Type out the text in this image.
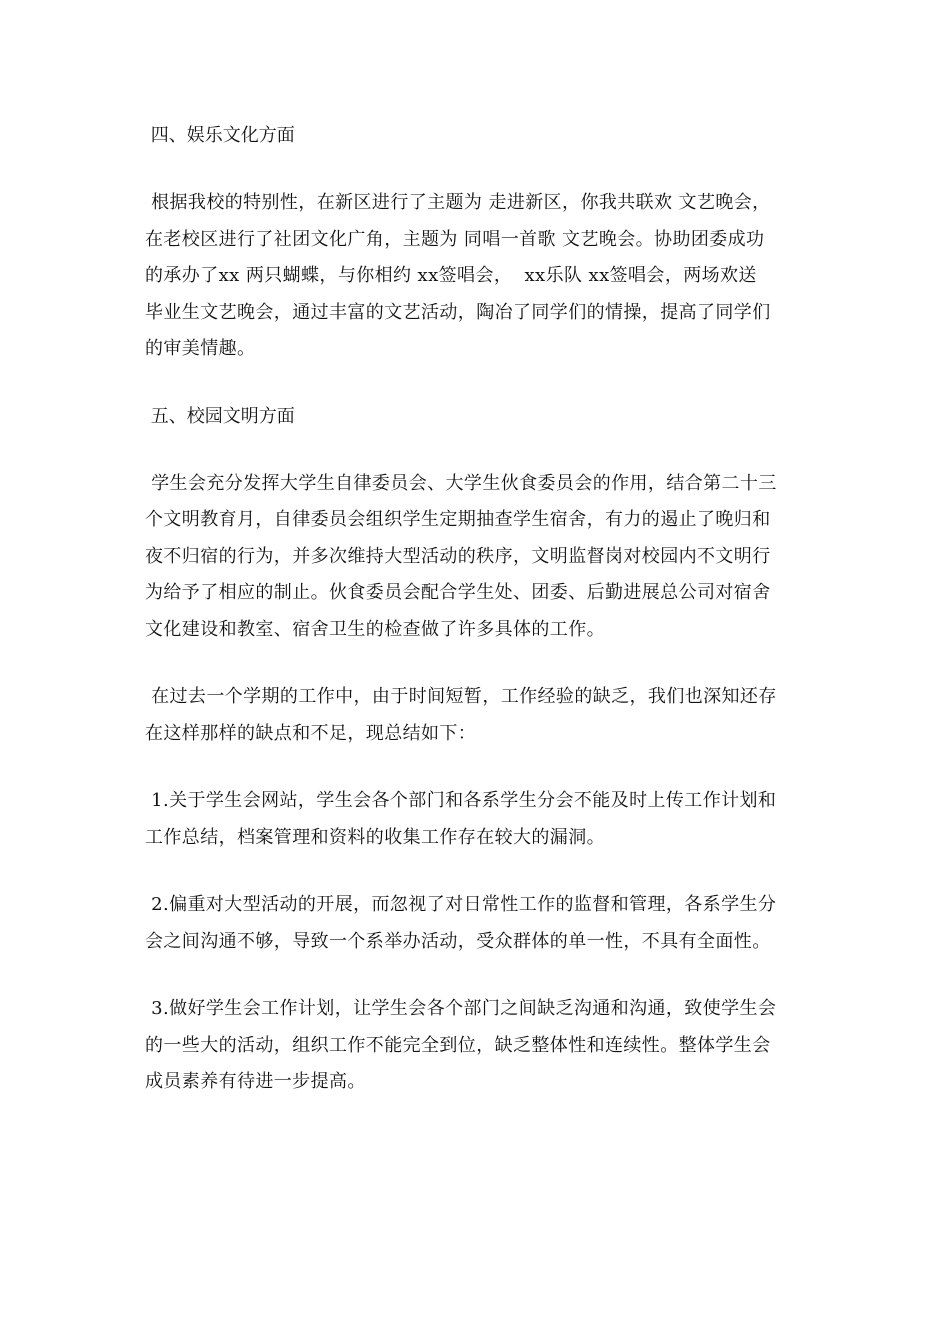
四、娱乐文化方面
根据我校的特别性，在新区进行了主题为 走进新区，你我共联欢 文艺晚会，
在老校区进行了社团文化广角，主题为 同唱一首歌 文艺晚会。协助团委成功
的承办了xx 两只蝴蝶，与你相约 xx签唱会，  xx乐队 xx签唱会，两场欢送
毕业生文艺晚会，通过丰富的文艺活动，陶冶了同学们的情操，提高了同学们
的审美情趣。
五、校园文明方面
学生会充分发挥大学生自律委员会、大学生伙食委员会的作用，结合第二十三
个文明教育月，自律委员会组织学生定期抽查学生宿舍，有力的遏止了晚归和
夜不归宿的行为，并多次维持大型活动的秩序，文明监督岗对校园内不文明行
为给予了相应的制止。伙食委员会配合学生处、团委、后勤进展总公司对宿舍
文化建设和教室、宿舍卫生的检查做了许多具体的工作。
在过去一个学期的工作中，由于时间短暂，工作经验的缺乏，我们也深知还存
在这样那样的缺点和不足，现总结如下：
1.关于学生会网站，学生会各个部门和各系学生分会不能及时上传工作计划和
工作总结，档案管理和资料的收集工作存在较大的漏洞。
2.偏重对大型活动的开展，而忽视了对日常性工作的监督和管理，各系学生分
会之间沟通不够，导致一个系举办活动，受众群体的单一性，不具有全面性。
3.做好学生会工作计划，让学生会各个部门之间缺乏沟通和沟通，致使学生会
的一些大的活动，组织工作不能完全到位，缺乏整体性和连续性。整体学生会
成员素养有待进一步提高。
